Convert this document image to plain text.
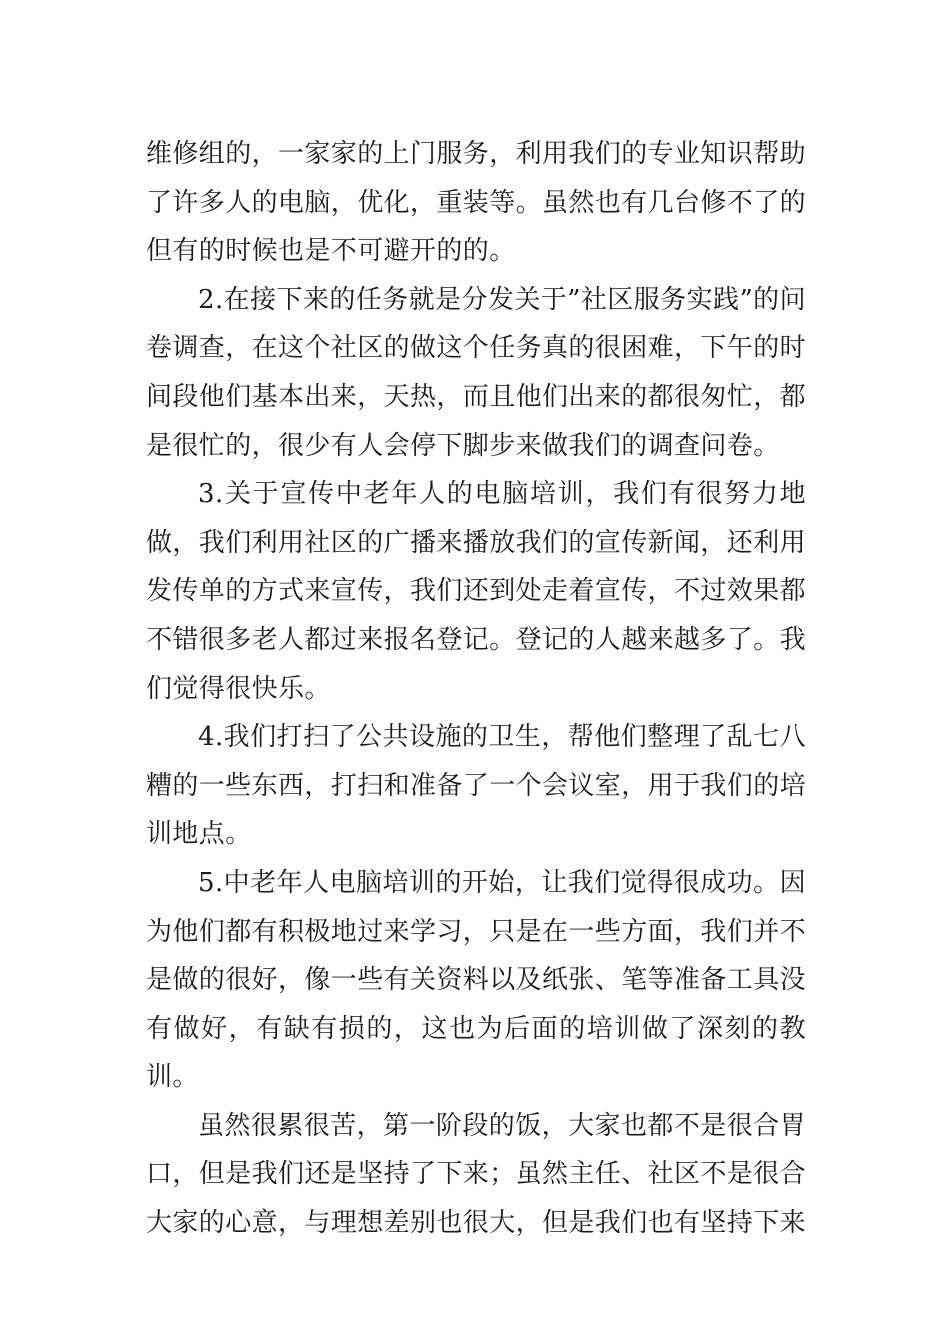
维修组的，一家家的上门服务，利用我们的专业知识帮助了许多人的电脑，优化，重装等。虽然也有几台修不了的但有的时候也是不可避开的的。

2.在接下来的任务就是分发关于”社区服务实践”的问卷调查，在这个社区的做这个任务真的很困难，下午的时间段他们基本出来，天热，而且他们出来的都很匆忙，都是很忙的，很少有人会停下脚步来做我们的调查问卷。

3.关于宣传中老年人的电脑培训，我们有很努力地做，我们利用社区的广播来播放我们的宣传新闻，还利用发传单的方式来宣传，我们还到处走着宣传，不过效果都不错很多老人都过来报名登记。登记的人越来越多了。我们觉得很快乐。

4.我们打扫了公共设施的卫生，帮他们整理了乱七八糟的一些东西，打扫和准备了一个会议室，用于我们的培训地点。

5.中老年人电脑培训的开始，让我们觉得很成功。因为他们都有积极地过来学习，只是在一些方面，我们并不是做的很好，像一些有关资料以及纸张、笔等准备工具没有做好，有缺有损的，这也为后面的培训做了深刻的教训。

虽然很累很苦，第一阶段的饭，大家也都不是很合胃口，但是我们还是坚持了下来；虽然主任、社区不是很合大家的心意，与理想差别也很大，但是我们也有坚持下来
